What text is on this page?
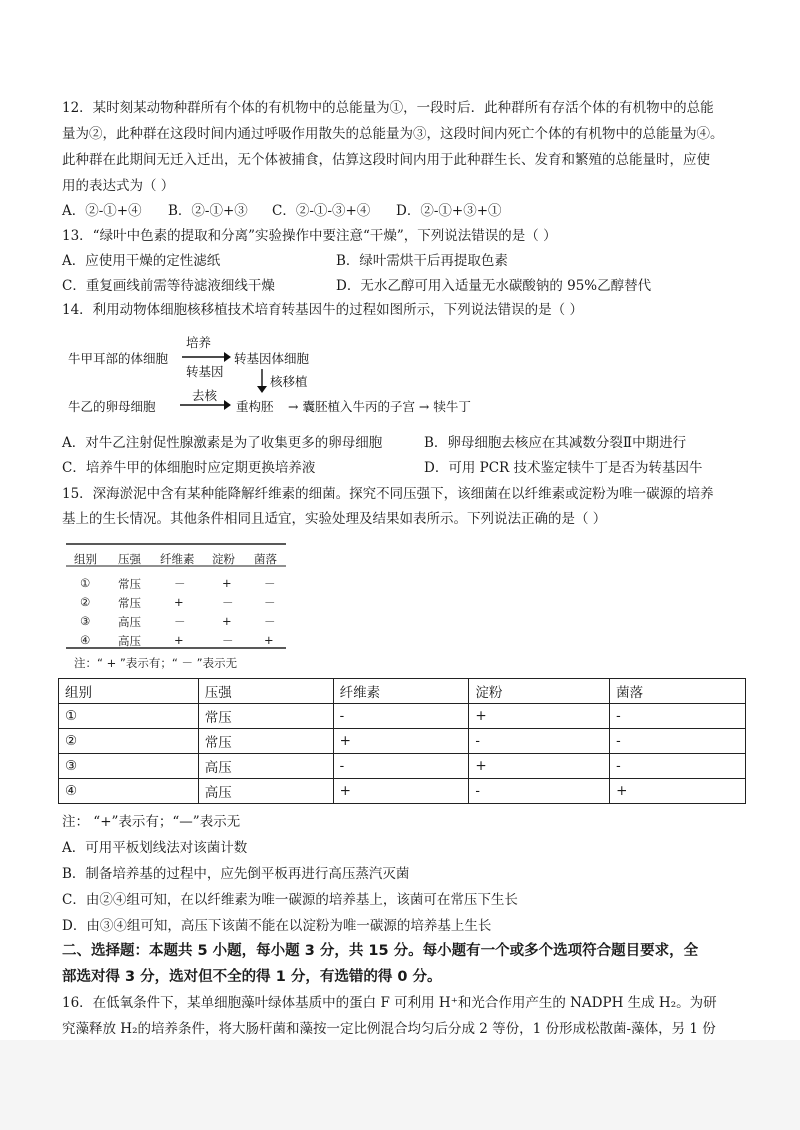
12．某时刻某动物种群所有个体的有机物中的总能量为①，一段时后．此种群所有存活个体的有机物中的总能
量为②，此种群在这段时间内通过呼吸作用散失的总能量为③，这段时间内死亡个体的有机物中的总能量为④。
此种群在此期间无迁入迁出，无个体被捕食，估算这段时间内用于此种群生长、发育和繁殖的总能量时，应使
用的表达式为（ ）
A．②-①+④ B．②-①+③ C．②-①-③+④ D．②-①+③+①
13．“绿叶中色素的提取和分离”实验操作中要注意“干燥”，下列说法错误的是（ ）
A．应使用干燥的定性滤纸	B．绿叶需烘干后再提取色素
C．重复画线前需等待滤液细线干燥	D．无水乙醇可用入适量无水碳酸钠的 95%乙醇替代
14．利用动物体细胞核移植技术培育转基因牛的过程如图所示，下列说法错误的是（ ）
牛甲耳部的体细胞
培养
转基因
转基因体细胞
核移植
牛乙的卵母细胞
去核
重构胚 → 囊胚植入牛丙的子宫 → 犊牛丁
A．对牛乙注射促性腺激素是为了收集更多的卵母细胞	B．卵母细胞去核应在其减数分裂Ⅱ中期进行
C．培养牛甲的体细胞时应定期更换培养液	D．可用 PCR 技术鉴定犊牛丁是否为转基因牛
15．深海淤泥中含有某种能降解纤维素的细菌。探究不同压强下，该细菌在以纤维素或淀粉为唯一碳源的培养
基上的生长情况。其他条件相同且适宜，实验处理及结果如表所示。下列说法正确的是（ ）
组别 压强 纤维素 淀粉 菌落
① 常压	－	+	－
② 常压	+	－	－
③ 高压	－	+	－
④ 高压	+	－	+
注：“ + ”表示有；“ － ”表示无
组别	压强	纤维素	淀粉	菌落
①	常压	-	+	-
②	常压	+	-	-
③	高压	-	+	-
④	高压	+	-	+
注： “+”表示有；“—”表示无
A．可用平板划线法对该菌计数
B．制备培养基的过程中，应先倒平板再进行高压蒸汽灭菌
C．由②④组可知，在以纤维素为唯一碳源的培养基上，该菌可在常压下生长
D．由③④组可知，高压下该菌不能在以淀粉为唯一碳源的培养基上生长
二、选择题：本题共 5 小题，每小题 3 分，共 15 分。每小题有一个或多个选项符合题目要求，全
部选对得 3 分，选对但不全的得 1 分，有选错的得 0 分。
16．在低氧条件下，某单细胞藻叶绿体基质中的蛋白 F 可利用 H⁺和光合作用产生的 NADPH 生成 H₂。为研
究藻释放 H₂的培养条件，将大肠杆菌和藻按一定比例混合均匀后分成 2 等份，1 份形成松散菌-藻体，另 1 份
